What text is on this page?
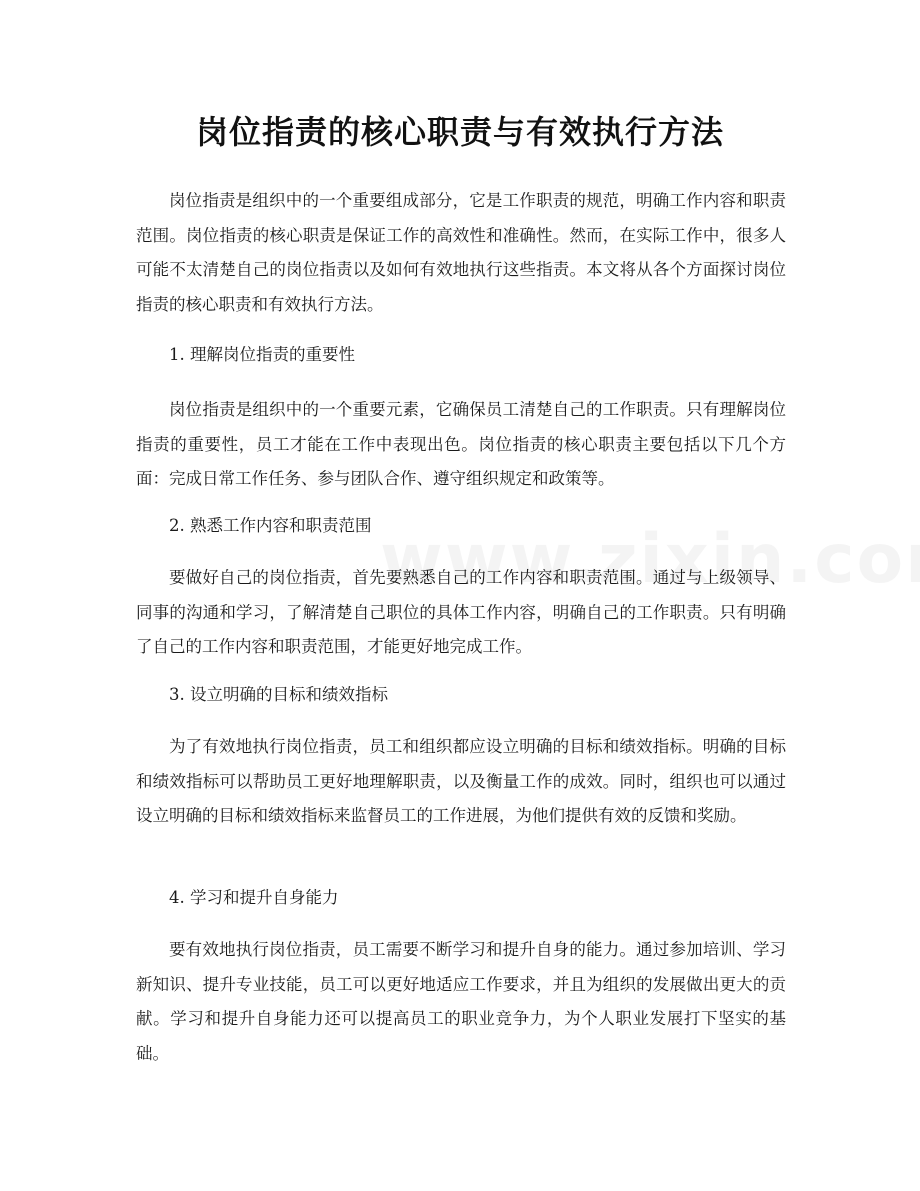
岗位指责的核心职责与有效执行方法

岗位指责是组织中的一个重要组成部分，它是工作职责的规范，明确工作内容和职责范围。岗位指责的核心职责是保证工作的高效性和准确性。然而，在实际工作中，很多人可能不太清楚自己的岗位指责以及如何有效地执行这些指责。本文将从各个方面探讨岗位指责的核心职责和有效执行方法。

1. 理解岗位指责的重要性

岗位指责是组织中的一个重要元素，它确保员工清楚自己的工作职责。只有理解岗位指责的重要性，员工才能在工作中表现出色。岗位指责的核心职责主要包括以下几个方面：完成日常工作任务、参与团队合作、遵守组织规定和政策等。

2. 熟悉工作内容和职责范围

要做好自己的岗位指责，首先要熟悉自己的工作内容和职责范围。通过与上级领导、同事的沟通和学习，了解清楚自己职位的具体工作内容，明确自己的工作职责。只有明确了自己的工作内容和职责范围，才能更好地完成工作。

3. 设立明确的目标和绩效指标

为了有效地执行岗位指责，员工和组织都应设立明确的目标和绩效指标。明确的目标和绩效指标可以帮助员工更好地理解职责，以及衡量工作的成效。同时，组织也可以通过设立明确的目标和绩效指标来监督员工的工作进展，为他们提供有效的反馈和奖励。

4. 学习和提升自身能力

要有效地执行岗位指责，员工需要不断学习和提升自身的能力。通过参加培训、学习新知识、提升专业技能，员工可以更好地适应工作要求，并且为组织的发展做出更大的贡献。学习和提升自身能力还可以提高员工的职业竞争力，为个人职业发展打下坚实的基础。
